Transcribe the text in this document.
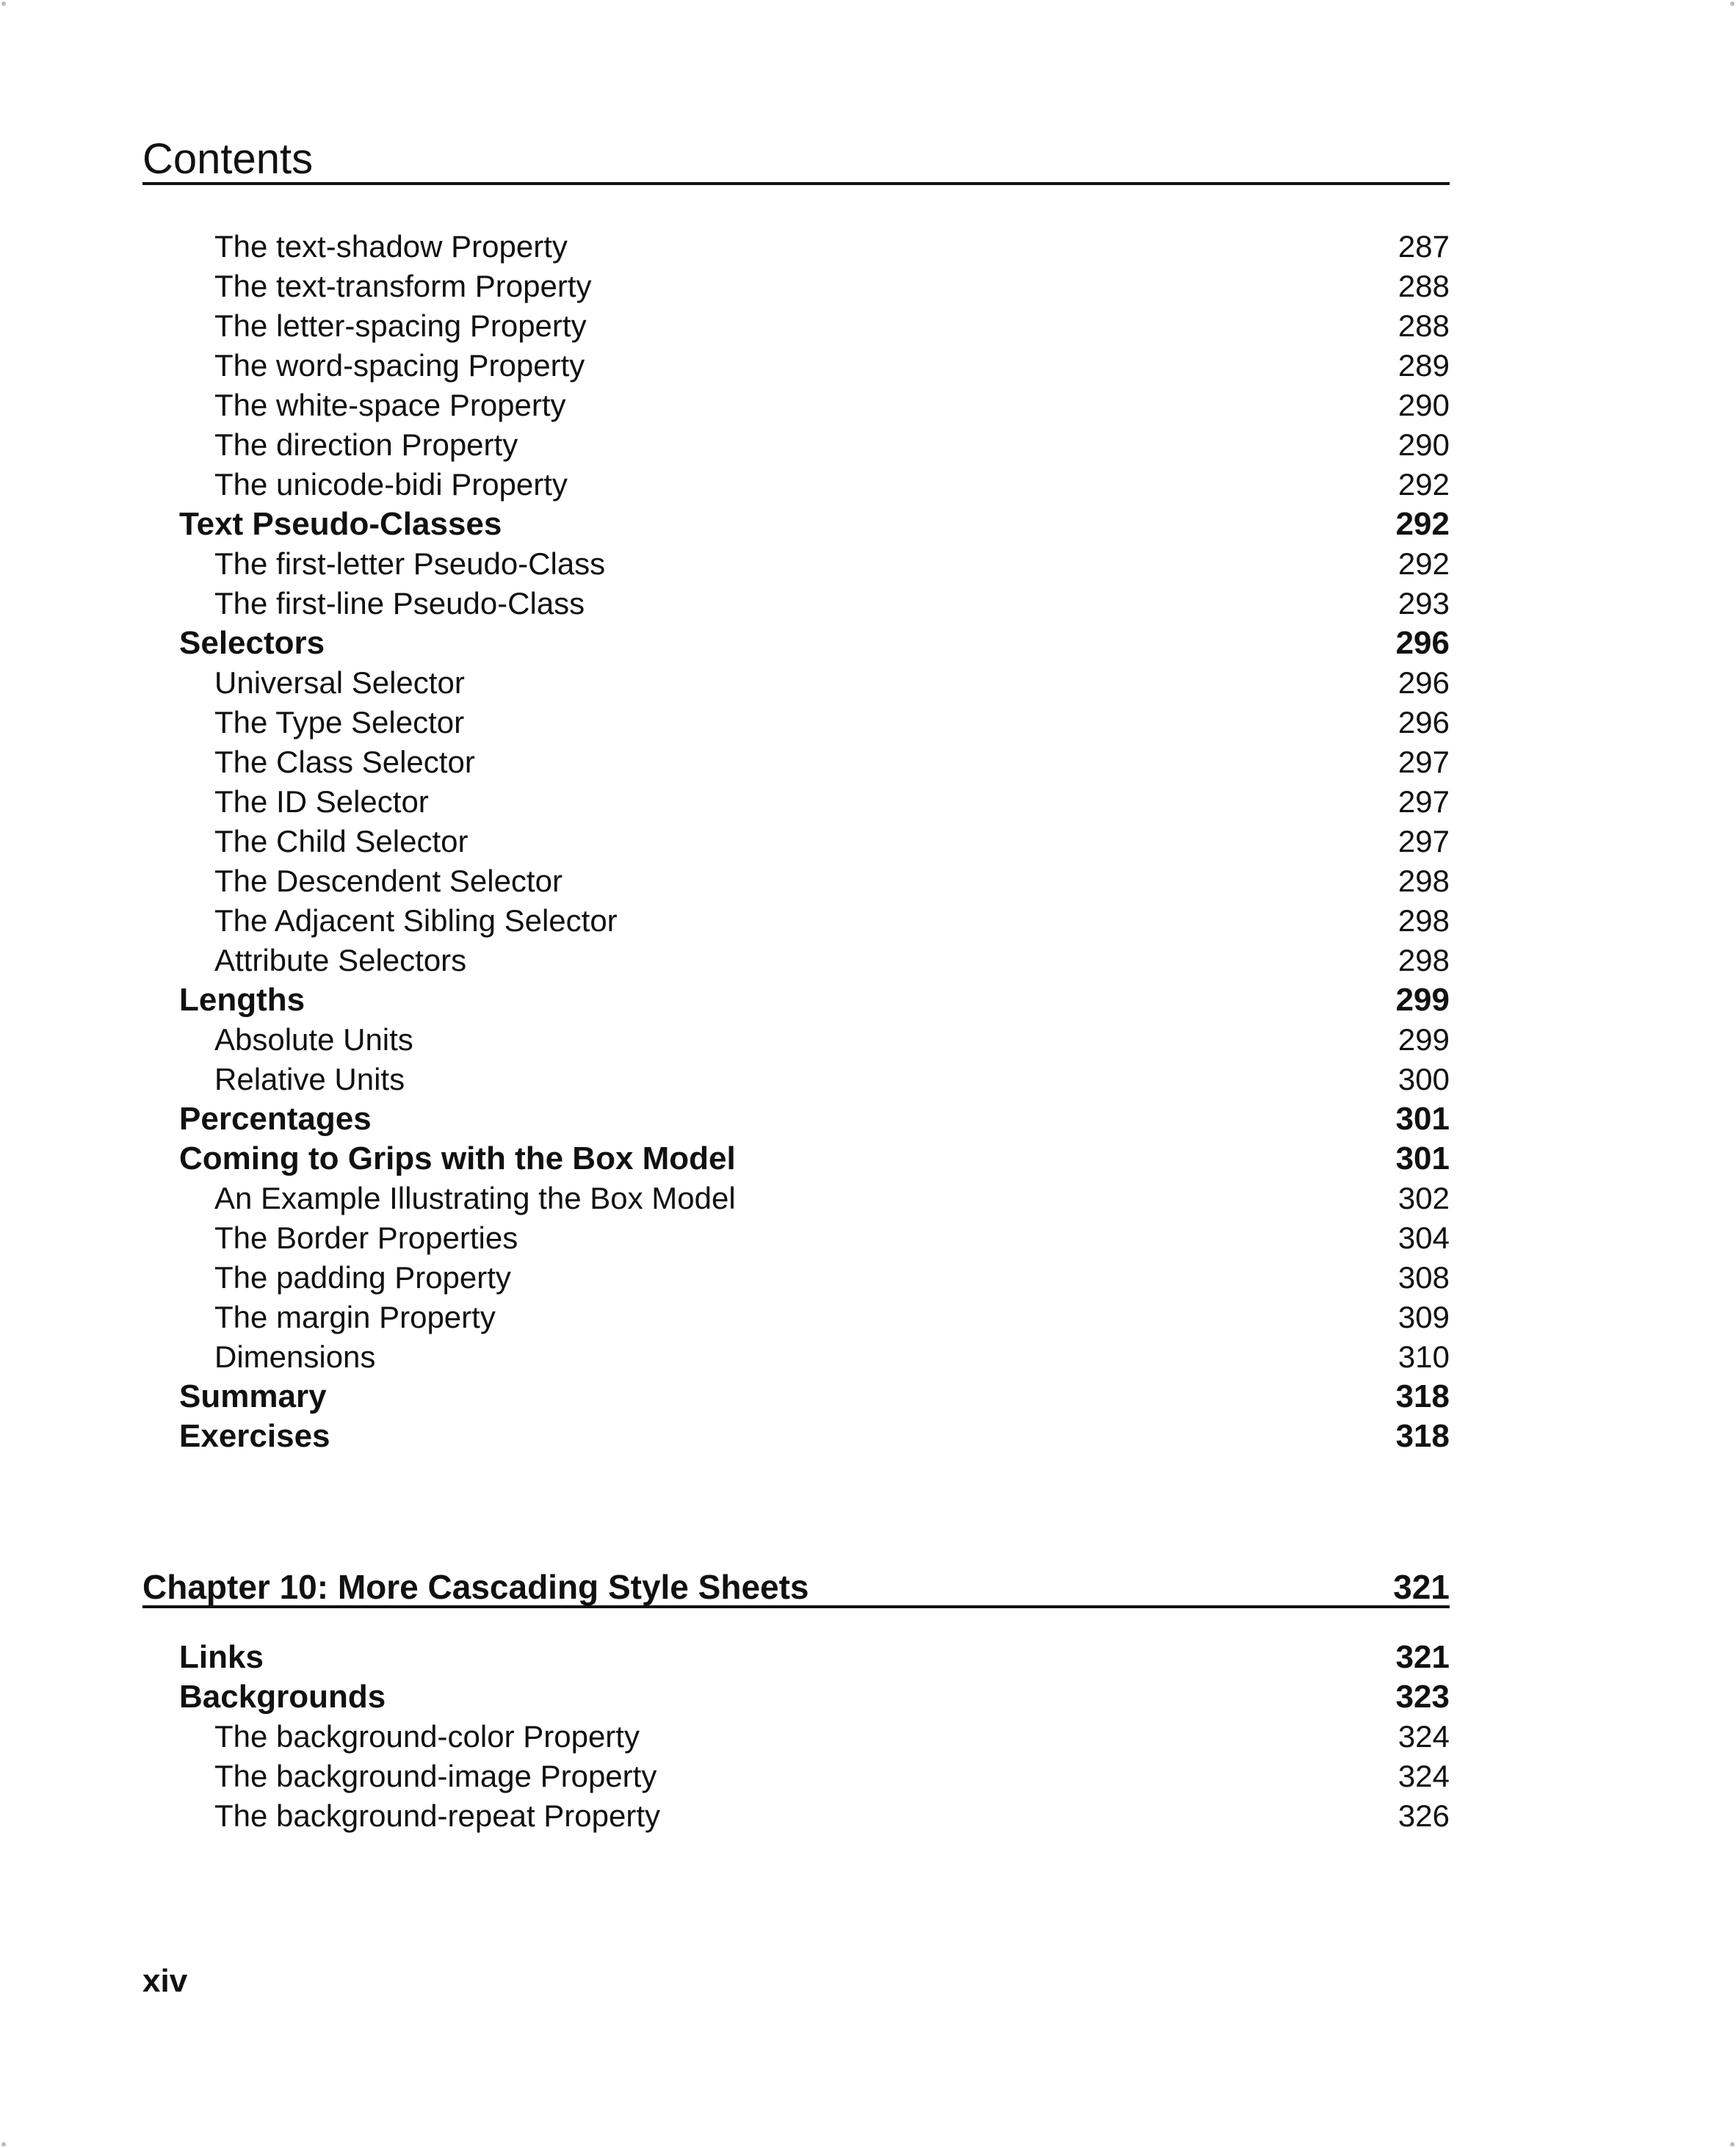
Contents
The text-shadow Property	287
The text-transform Property	288
The letter-spacing Property	288
The word-spacing Property	289
The white-space Property	290
The direction Property	290
The unicode-bidi Property	292
Text Pseudo-Classes	292
The first-letter Pseudo-Class	292
The first-line Pseudo-Class	293
Selectors	296
Universal Selector	296
The Type Selector	296
The Class Selector	297
The ID Selector	297
The Child Selector	297
The Descendent Selector	298
The Adjacent Sibling Selector	298
Attribute Selectors	298
Lengths	299
Absolute Units	299
Relative Units	300
Percentages	301
Coming to Grips with the Box Model	301
An Example Illustrating the Box Model	302
The Border Properties	304
The padding Property	308
The margin Property	309
Dimensions	310
Summary	318
Exercises	318
Chapter 10: More Cascading Style Sheets	321
Links	321
Backgrounds	323
The background-color Property	324
The background-image Property	324
The background-repeat Property	326
xiv
